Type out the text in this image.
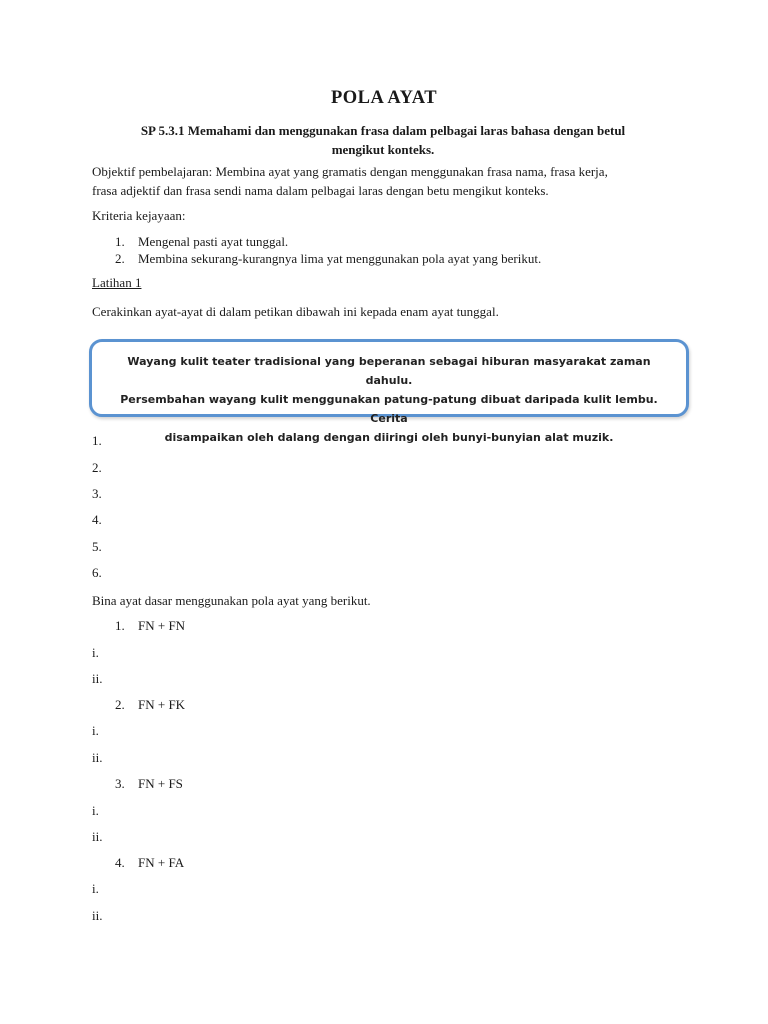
POLA AYAT
SP 5.3.1 Memahami dan menggunakan frasa dalam pelbagai laras bahasa dengan betul
mengikut konteks.
Objektif pembelajaran: Membina ayat yang gramatis dengan menggunakan frasa nama, frasa kerja,
frasa adjektif dan frasa sendi nama dalam pelbagai laras dengan betu mengikut konteks.
Kriteria kejayaan:
1. Mengenal pasti ayat tunggal.
2. Membina sekurang-kurangnya lima yat menggunakan pola ayat yang berikut.
Latihan 1
Cerakinkan ayat-ayat di dalam petikan dibawah ini kepada enam ayat tunggal.
Wayang kulit teater tradisional yang beperanan sebagai hiburan masyarakat zaman dahulu.
Persembahan wayang kulit menggunakan patung-patung dibuat daripada kulit lembu. Cerita
disampaikan oleh dalang dengan diiringi oleh bunyi-bunyian alat muzik.
1.
2.
3.
4.
5.
6.
Bina ayat dasar menggunakan pola ayat yang berikut.
1. FN + FN
i.
ii.
2. FN + FK
i.
ii.
3. FN + FS
i.
ii.
4. FN + FA
i.
ii.
